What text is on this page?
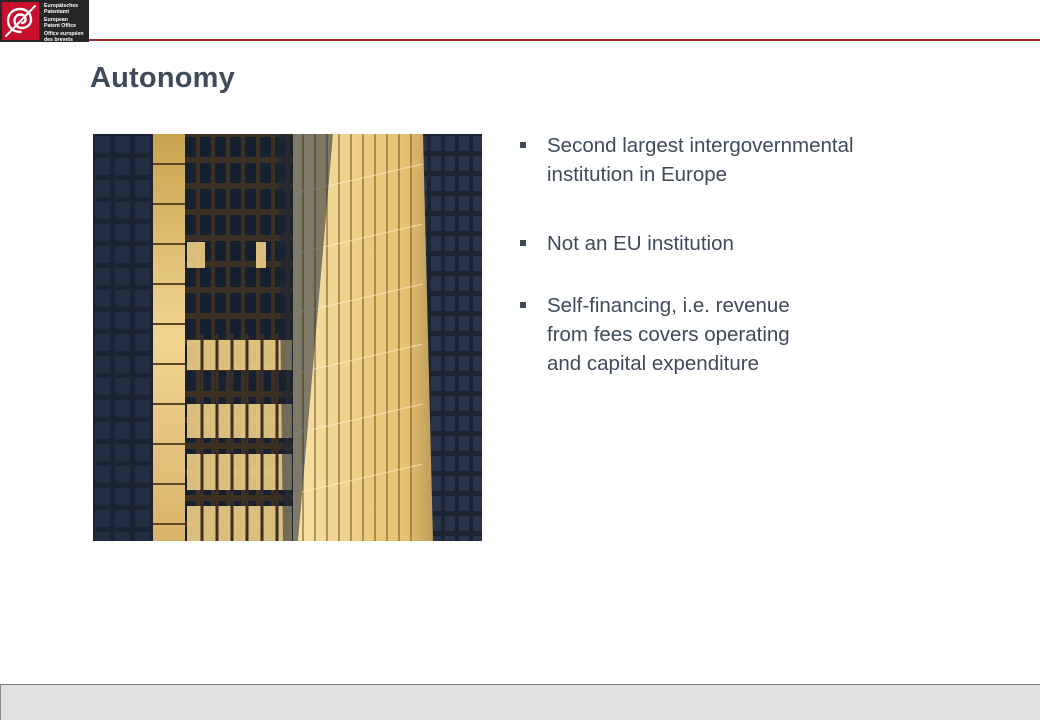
Europäisches
Patentamt
European
Patent Office
Office européen
des brevets
Autonomy
Second largest intergovernmental
institution in Europe
Not an EU institution
Self-financing, i.e. revenue
from fees covers operating
and capital expenditure
